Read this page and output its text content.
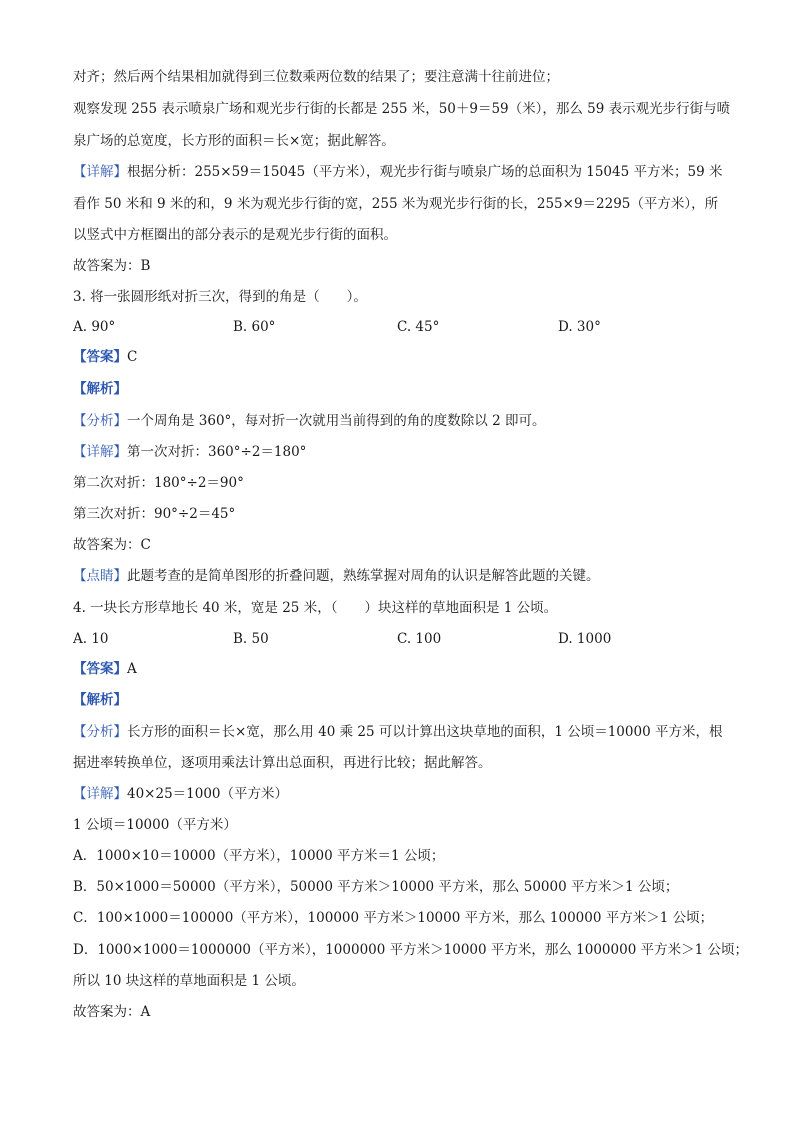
对齐；然后两个结果相加就得到三位数乘两位数的结果了；要注意满十往前进位；
观察发现 255 表示喷泉广场和观光步行街的长都是 255 米，50＋9＝59（米），那么 59 表示观光步行街与喷
泉广场的总宽度，长方形的面积＝长×宽；据此解答。
【详解】根据分析：255×59＝15045（平方米），观光步行街与喷泉广场的总面积为 15045 平方米；59 米
看作 50 米和 9 米的和，9 米为观光步行街的宽，255 米为观光步行街的长，255×9＝2295（平方米），所
以竖式中方框圈出的部分表示的是观光步行街的面积。
故答案为：B
3. 将一张圆形纸对折三次，得到的角是（　　）。
A. 90°	B. 60°	C. 45°	D. 30°
【答案】C
【解析】
【分析】一个周角是 360°，每对折一次就用当前得到的角的度数除以 2 即可。
【详解】第一次对折：360°÷2＝180°
第二次对折：180°÷2＝90°
第三次对折：90°÷2＝45°
故答案为：C
【点睛】此题考查的是简单图形的折叠问题，熟练掌握对周角的认识是解答此题的关键。
4. 一块长方形草地长 40 米，宽是 25 米，（　　）块这样的草地面积是 1 公顷。
A. 10	B. 50	C. 100	D. 1000
【答案】A
【解析】
【分析】长方形的面积＝长×宽，那么用 40 乘 25 可以计算出这块草地的面积，1 公顷＝10000 平方米，根
据进率转换单位，逐项用乘法计算出总面积，再进行比较；据此解答。
【详解】40×25＝1000（平方米）
1 公顷＝10000（平方米）
A．1000×10＝10000（平方米），10000 平方米＝1 公顷；
B．50×1000＝50000（平方米），50000 平方米＞10000 平方米，那么 50000 平方米＞1 公顷；
C．100×1000＝100000（平方米），100000 平方米＞10000 平方米，那么 100000 平方米＞1 公顷；
D．1000×1000＝1000000（平方米），1000000 平方米＞10000 平方米，那么 1000000 平方米＞1 公顷；
所以 10 块这样的草地面积是 1 公顷。
故答案为：A
